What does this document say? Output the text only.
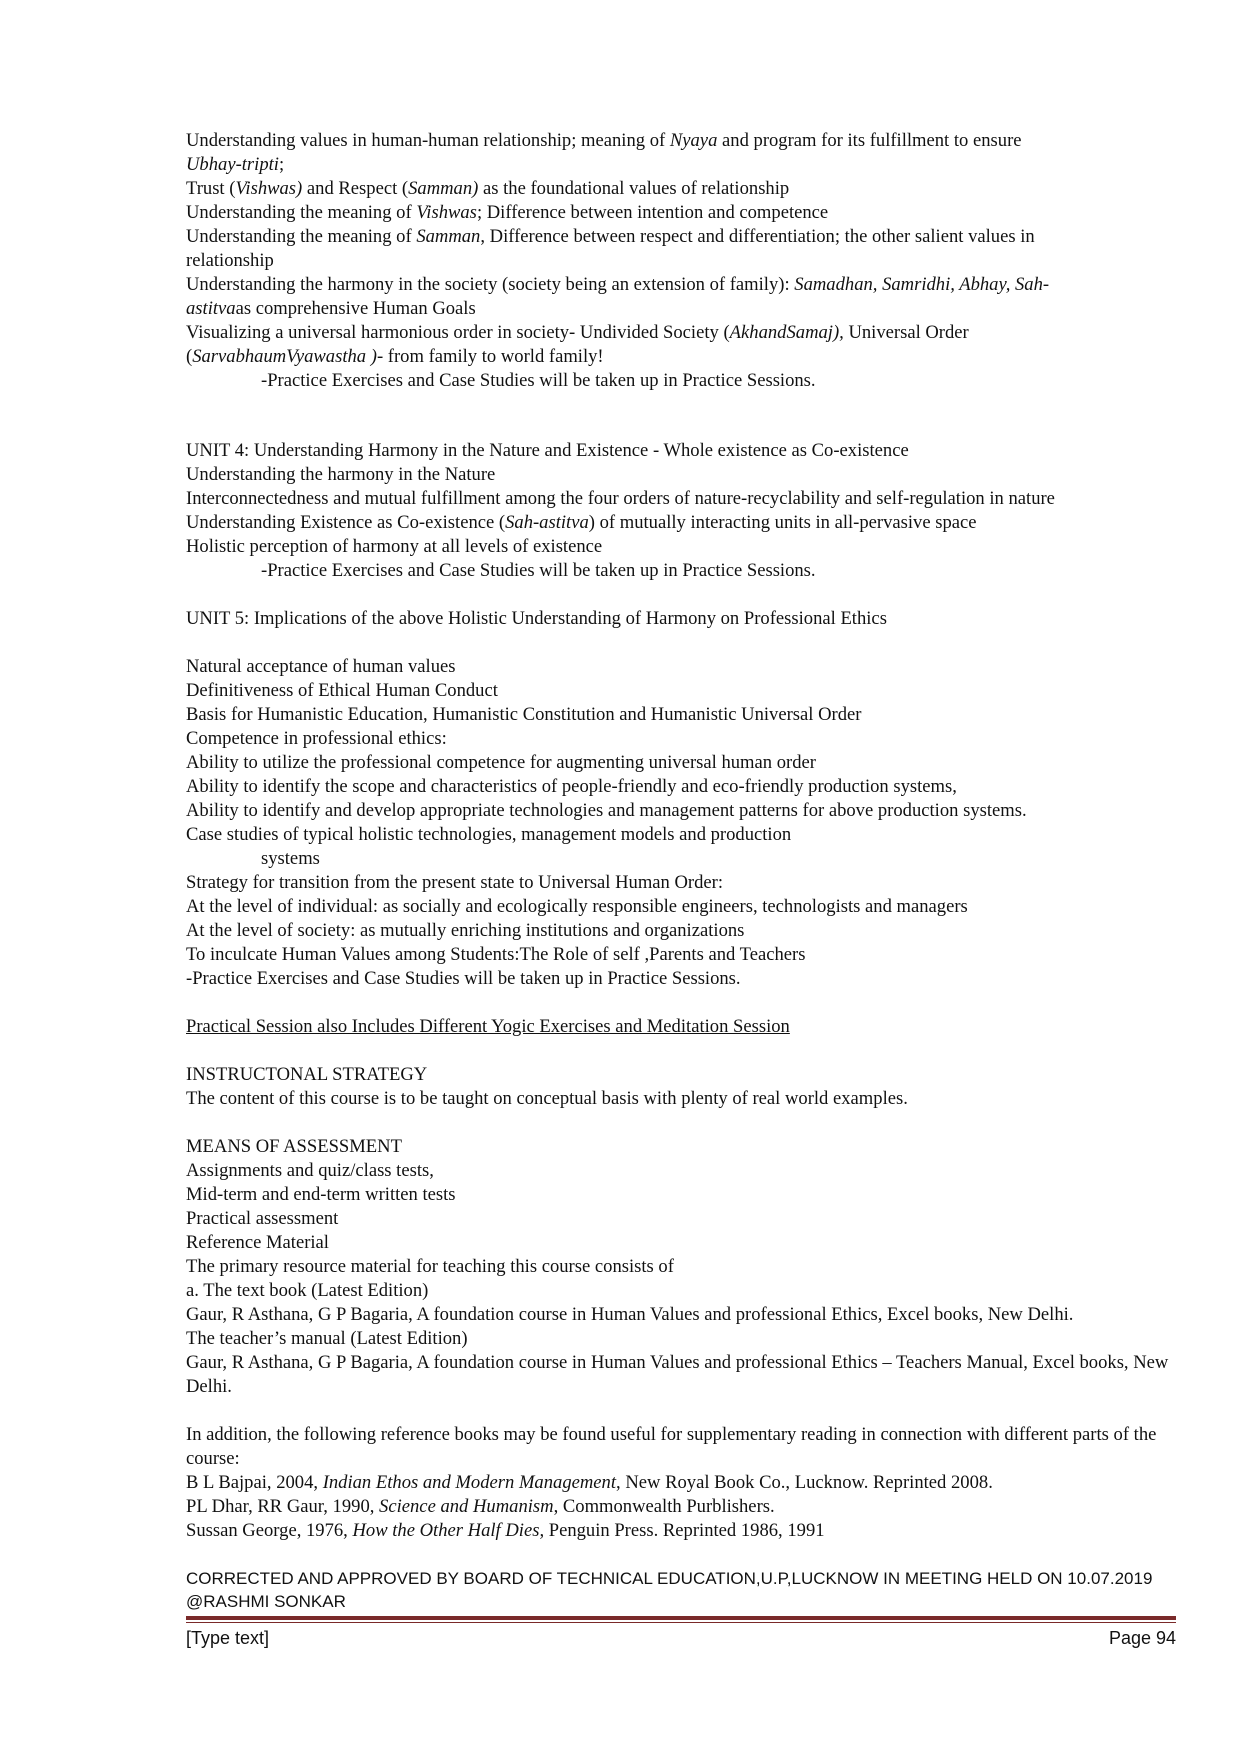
Understanding values in human-human relationship; meaning of Nyaya and program for its fulfillment to ensure
Ubhay-tripti;
Trust (Vishwas) and Respect (Samman) as the foundational values of relationship
Understanding the meaning of Vishwas; Difference between intention and competence
Understanding the meaning of Samman, Difference between respect and differentiation; the other salient values in
relationship
Understanding the harmony in the society (society being an extension of family): Samadhan, Samridhi, Abhay, Sah-
astitvaas comprehensive Human Goals
Visualizing a universal harmonious order in society- Undivided Society (AkhandSamaj), Universal Order
(SarvabhaumVyawastha )- from family to world family!
-Practice Exercises and Case Studies will be taken up in Practice Sessions.
UNIT 4: Understanding Harmony in the Nature and Existence - Whole existence as Co-existence
Understanding the harmony in the Nature
Interconnectedness and mutual fulfillment among the four orders of nature-recyclability and self-regulation in nature
Understanding Existence as Co-existence (Sah-astitva) of mutually interacting units in all-pervasive space
Holistic perception of harmony at all levels of existence
-Practice Exercises and Case Studies will be taken up in Practice Sessions.
UNIT 5: Implications of the above Holistic Understanding of Harmony on Professional Ethics
Natural acceptance of human values
Definitiveness of Ethical Human Conduct
Basis for Humanistic Education, Humanistic Constitution and Humanistic Universal Order
Competence in professional ethics:
Ability to utilize the professional competence for augmenting universal human order
Ability to identify the scope and characteristics of people-friendly and eco-friendly production systems,
Ability to identify and develop appropriate technologies and management patterns for above production systems.
Case studies of typical holistic technologies, management models and production
systems
Strategy for transition from the present state to Universal Human Order:
At the level of individual: as socially and ecologically responsible engineers, technologists and managers
At the level of society: as mutually enriching institutions and organizations
To inculcate Human Values among Students:The Role of self ,Parents and Teachers
-Practice Exercises and Case Studies will be taken up in Practice Sessions.
Practical Session also Includes Different Yogic Exercises and Meditation Session
INSTRUCTONAL STRATEGY
The content of this course is to be taught on conceptual basis with plenty of real world examples.
MEANS OF ASSESSMENT
Assignments and quiz/class tests,
Mid-term and end-term written tests
Practical assessment
Reference Material
The primary resource material for teaching this course consists of
a. The text book (Latest Edition)
Gaur, R Asthana, G P Bagaria, A foundation course in Human Values and professional Ethics, Excel books, New Delhi.
The teacher’s manual (Latest Edition)
Gaur, R Asthana, G P Bagaria, A foundation course in Human Values and professional Ethics – Teachers Manual, Excel books, New Delhi.
In addition, the following reference books may be found useful for supplementary reading in connection with different parts of the course:
B L Bajpai, 2004, Indian Ethos and Modern Management, New Royal Book Co., Lucknow. Reprinted 2008.
PL Dhar, RR Gaur, 1990, Science and Humanism, Commonwealth Purblishers.
Sussan George, 1976, How the Other Half Dies, Penguin Press. Reprinted 1986, 1991
CORRECTED AND APPROVED BY BOARD OF TECHNICAL EDUCATION,U.P,LUCKNOW IN MEETING HELD ON 10.07.2019 @RASHMI SONKAR
[Type text]	Page 94
